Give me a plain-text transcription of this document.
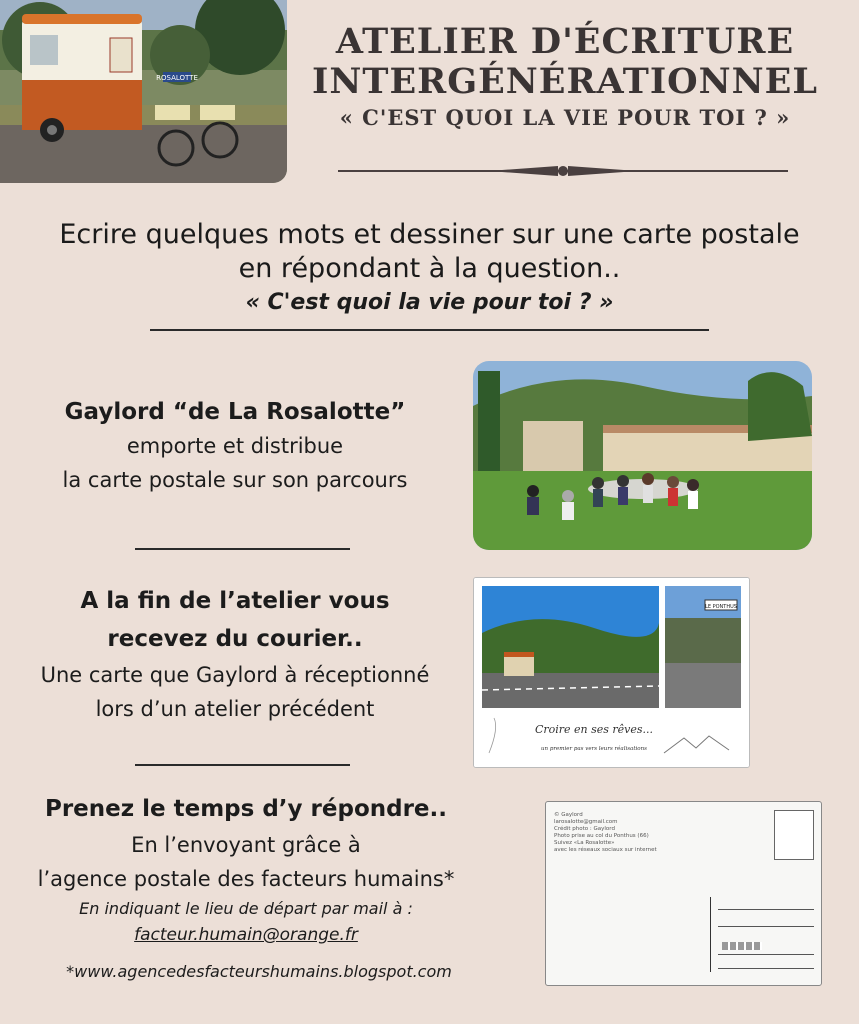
ROSALOTTE
ATELIER D'ÉCRITURE
INTERGÉNÉRATIONNEL
« C'EST QUOI LA VIE POUR TOI ? »
Ecrire quelques mots et dessiner sur une carte postale
en répondant à la question..
« C'est quoi la vie pour toi ? »
Gaylord “de La Rosalotte”
emporte et distribue
la carte postale sur son parcours
A la fin de l’atelier vous
recevez du courier..
Une carte que Gaylord à réceptionné
lors d’un atelier précédent
LE PONTHUS
Croire en ses rêves...
un premier pas vers leurs réalisations
Prenez le temps d’y répondre..
En l’envoyant grâce à
l’agence postale des facteurs humains*
En indiquant le lieu de départ par mail à :
facteur.humain@orange.fr
*www.agencedesfacteurshumains.blogspot.com
© Gaylord
larosalotte@gmail.com
Crédit photo : Gaylord
Photo prise au col du Ponthus (66)
Suivez «La Rosalotte»
avec les réseaux sociaux sur internet
